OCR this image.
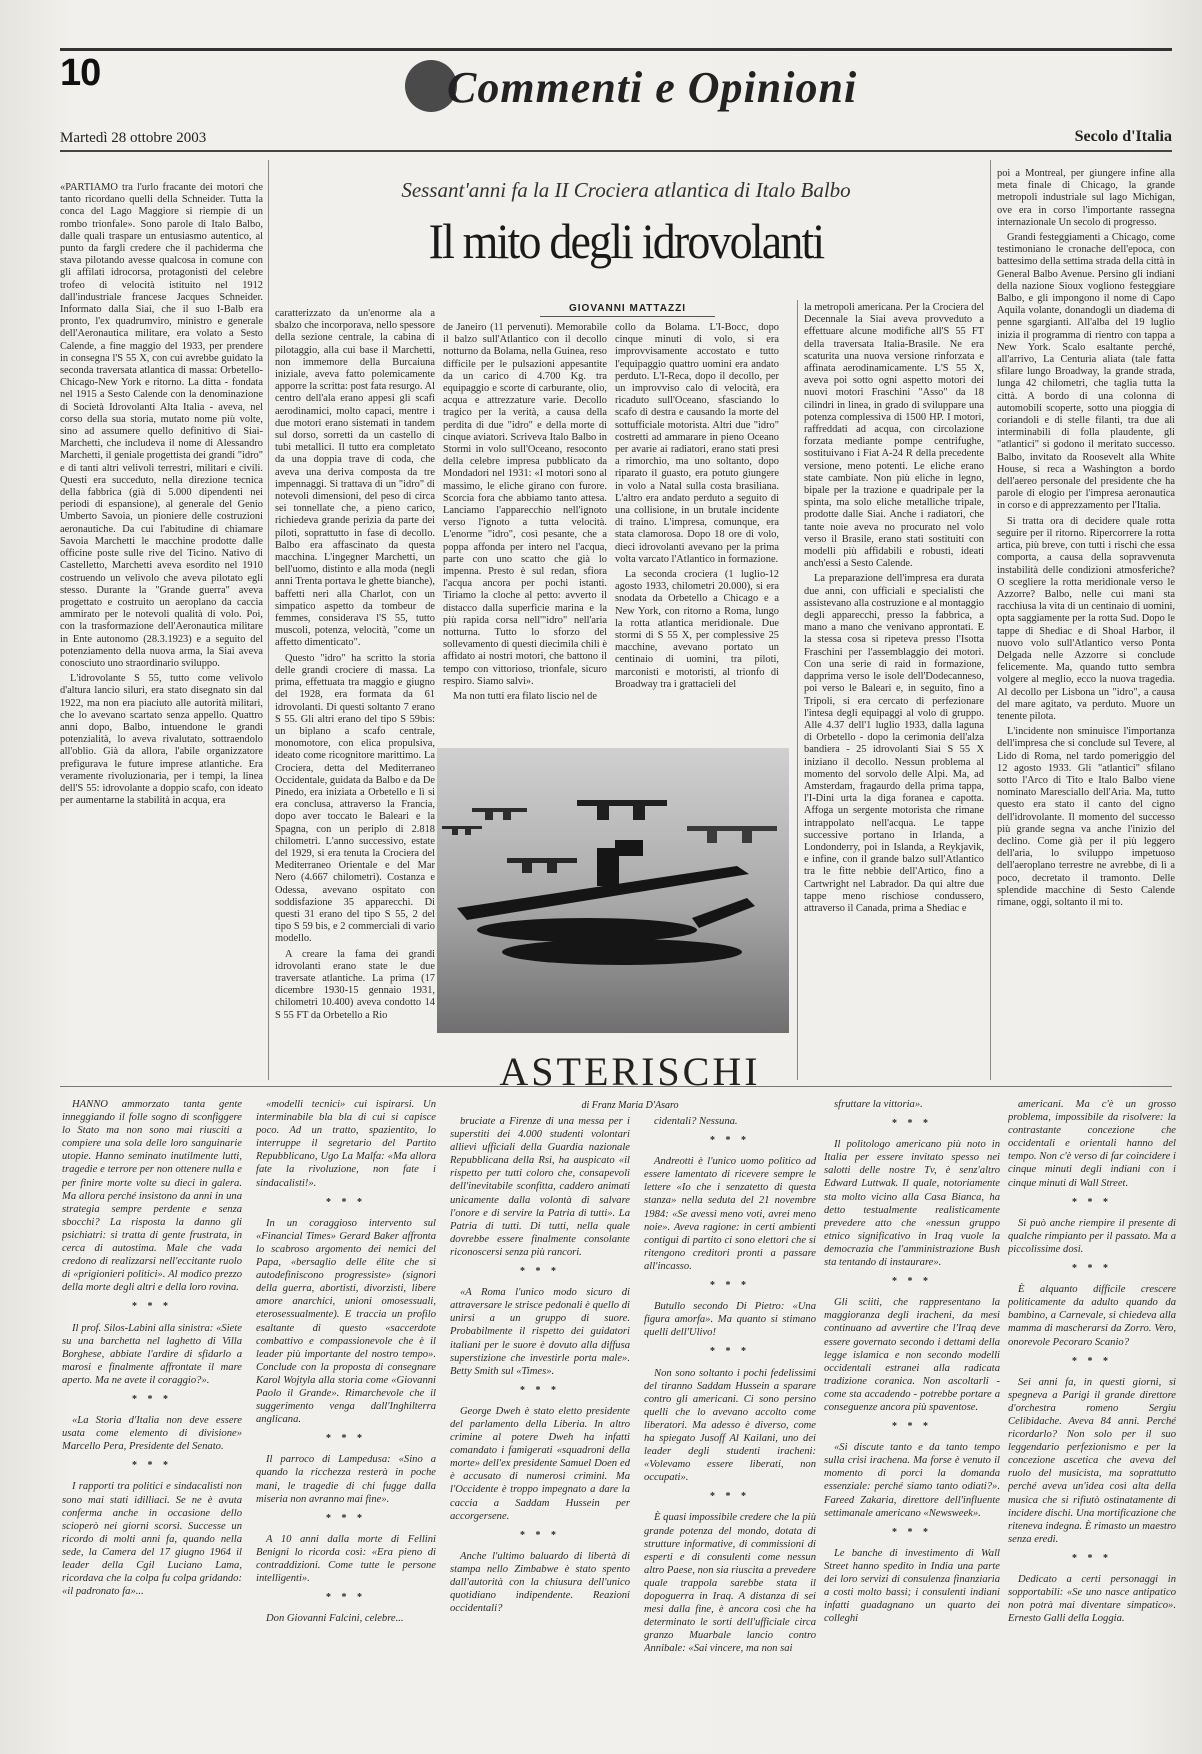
10	Commenti e Opinioni
Martedì 28 ottobre 2003	Secolo d'Italia

«PARTIAMO tra l'urlo fracante dei motori che tanto ricordano quelli della Schneider. Tutta la conca del Lago Maggiore si riempie di un rombo trionfale». Sono parole di Italo Balbo, dalle quali traspare un entusiasmo autentico, al punto da fargli credere che il pachiderma che stava pilotando avesse qualcosa in comune con gli affilati idrocorsa, protagonisti del celebre trofeo di velocità istituito nel 1912 dall'industriale francese Jacques Schneider. Informato dalla Siai, che il suo I-Balb era pronto, l'ex quadrumviro, ministro e generale dell'Aeronautica militare, era volato a Sesto Calende, a fine maggio del 1933, per prendere in consegna l'S 55 X, con cui avrebbe guidato la seconda traversata atlantica di massa: Orbetello-Chicago-New York e ritorno. La ditta - fondata nel 1915 a Sesto Calende con la denominazione di Società Idrovolanti Alta Italia - aveva, nel corso della sua storia, mutato nome più volte, sino ad assumere quello definitivo di Siai-Marchetti, che includeva il nome di Alessandro Marchetti, il geniale progettista dei grandi "idro" e di tanti altri velivoli terrestri, militari e civili. Questi era succeduto, nella direzione tecnica della fabbrica (già di 5.000 dipendenti nei periodi di espansione), al generale del Genio Umberto Savoia, un pioniere delle costruzioni aeronautiche. Da cui l'abitudine di chiamare Savoia Marchetti le macchine prodotte dalle officine poste sulle rive del Ticino. Nativo di Castelletto, Marchetti aveva esordito nel 1910 costruendo un velivolo che aveva pilotato egli stesso. Durante la "Grande guerra" aveva progettato e costruito un aeroplano da caccia ammirato per le notevoli qualità di volo. Poi, con la trasformazione dell'Aeronautica militare in Ente autonomo (28.3.1923) e a seguito del potenziamento della nuova arma, la Siai aveva conosciuto uno straordinario sviluppo.

L'idrovolante S 55, tutto come velivolo d'altura lancio siluri, era stato disegnato sin dal 1922, ma non era piaciuto alle autorità militari, che lo avevano scartato senza appello. Quattro anni dopo, Balbo, intuendone le grandi potenzialità, lo aveva rivalutato, sottraendolo all'oblio. Già da allora, l'abile organizzatore prefigurava le future imprese atlantiche. Era veramente rivoluzionaria, per i tempi, la linea dell'S 55: idrovolante a doppio scafo, con ideato per aumentarne la stabilità in acqua, era

Sessant'anni fa la II Crociera atlantica di Italo Balbo
Il mito degli idrovolanti
GIOVANNI MATTAZZI

caratterizzato da un'enorme ala a sbalzo che incorporava, nello spessore della sezione centrale, la cabina di pilotaggio, alla cui base il Marchetti, non immemore della Burcaiuna iniziale, aveva fatto polemicamente apporre la scritta: post fata resurgo. Al centro dell'ala erano appesi gli scafi aerodinamici, molto capaci, mentre i due motori erano sistemati in tandem sul dorso, sorretti da un castello di tubi metallici. Il tutto era completato da una doppia trave di coda, che aveva una deriva composta da tre impennaggi. Si trattava di un "idro" di notevoli dimensioni, del peso di circa sei tonnellate che, a pieno carico, richiedeva grande perizia da parte dei piloti, soprattutto in fase di decollo. Balbo era affascinato da questa macchina. L'ingegner Marchetti, un bell'uomo, distinto e alla moda (negli anni Trenta portava le ghette bianche), baffetti neri alla Charlot, con un simpatico aspetto da tombeur de femmes, considerava l'S 55, tutto muscoli, potenza, velocità, "come un affetto dimenticato".

Questo "idro" ha scritto la storia delle grandi crociere di massa. La prima, effettuata tra maggio e giugno del 1928, era formata da 61 idrovolanti. Di questi soltanto 7 erano S 55. Gli altri erano del tipo S 59bis: un biplano a scafo centrale, monomotore, con elica propulsiva, ideato come ricognitore marittimo. La Crociera, detta del Mediterraneo Occidentale, guidata da Balbo e da De Pinedo, era iniziata a Orbetello e lì si era conclusa, attraverso la Francia, dopo aver toccato le Baleari e la Spagna, con un periplo di 2.818 chilometri. L'anno successivo, estate del 1929, si era tenuta la Crociera del Mediterraneo Orientale e del Mar Nero (4.667 chilometri). Costanza e Odessa, avevano ospitato con soddisfazione 35 apparecchi. Di questi 31 erano del tipo S 55, 2 del tipo S 59 bis, e 2 commerciali di vario modello.

A creare la fama dei grandi idrovolanti erano state le due traversate atlantiche. La prima (17 dicembre 1930-15 gennaio 1931, chilometri 10.400) aveva condotto 14 S 55 FT da Orbetello a Rio

de Janeiro (11 pervenuti). Memorabile il balzo sull'Atlantico con il decollo notturno da Bolama, nella Guinea, reso difficile per le pulsazioni appesantite da un carico di 4.700 Kg. tra equipaggio e scorte di carburante, olio, acqua e attrezzature varie. Decollo tragico per la verità, a causa della perdita di due "idro" e della morte di cinque aviatori. Scriveva Italo Balbo in Stormi in volo sull'Oceano, resoconto della celebre impresa pubblicato da Mondadori nel 1931: «I motori sono al massimo, le eliche girano con furore. Scorcia fora che abbiamo tanto attesa. Lanciamo l'apparecchio nell'ignoto verso l'ignoto a tutta velocità. L'enorme "idro", così pesante, che a poppa affonda per intero nel l'acqua, parte con uno scatto che già lo impenna. Presto è sul redan, sfiora l'acqua ancora per pochi istanti. Tiriamo la cloche al petto: avverto il distacco dalla superficie marina e la più rapida corsa nell'"idro" nell'aria notturna. Tutto lo sforzo del sollevamento di questi diecimila chili è affidato ai nostri motori, che battono il tempo con vittorioso, trionfale, sicuro respiro. Siamo salvi».

Ma non tutti era filato liscio nel de

collo da Bolama. L'I-Bocc, dopo cinque minuti di volo, si era improvvisamente accostato e tutto l'equipaggio quattro uomini era andato perduto. L'I-Reca, dopo il decollo, per un improvviso calo di velocità, era ricaduto sull'Oceano, sfasciando lo scafo di destra e causando la morte del sottufficiale motorista. Altri due "idro" costretti ad ammarare in pieno Oceano per avarie ai radiatori, erano stati presi a rimorchio, ma uno soltanto, dopo riparato il guasto, era potuto giungere in volo a Natal sulla costa brasiliana. L'altro era andato perduto a seguito di una collisione, in un brutale incidente di traino. L'impresa, comunque, era stata clamorosa. Dopo 18 ore di volo, dieci idrovolanti avevano per la prima volta varcato l'Atlantico in formazione.

La seconda crociera (1 luglio-12 agosto 1933, chilometri 20.000), si era snodata da Orbetello a Chicago e a New York, con ritorno a Roma, lungo la rotta atlantica meridionale. Due stormi di S 55 X, per complessive 25 macchine, avevano portato un centinaio di uomini, tra piloti, marconisti e motoristi, al trionfo di Broadway tra i grattacieli del

la metropoli americana. Per la Crociera del Decennale la Siai aveva provveduto a effettuare alcune modifiche all'S 55 FT della traversata Italia-Brasile. Ne era scaturita una nuova versione rinforzata e affinata aerodinamicamente. L'S 55 X, aveva poi sotto ogni aspetto motori dei nuovi motori Fraschini "Asso" da 18 cilindri in linea, in grado di sviluppare una potenza complessiva di 1500 HP. I motori, raffreddati ad acqua, con circolazione forzata mediante pompe centrifughe, sostituivano i Fiat A-24 R della precedente versione, meno potenti. Le eliche erano state cambiate. Non più eliche in legno, bipale per la trazione e quadripale per la spinta, ma solo eliche metalliche tripale, prodotte dalle Siai. Anche i radiatori, che tante noie aveva no procurato nel volo verso il Brasile, erano stati sostituiti con modelli più affidabili e robusti, ideati anch'essi a Sesto Calende.

La preparazione dell'impresa era durata due anni, con ufficiali e specialisti che assistevano alla costruzione e al montaggio degli apparecchi, presso la fabbrica, a mano a mano che venivano approntati. E la stessa cosa si ripeteva presso l'Isotta Fraschini per l'assemblaggio dei motori. Con una serie di raid in formazione, dapprima verso le isole dell'Dodecanneso, poi verso le Baleari e, in seguito, fino a Tripoli, si era cercato di perfezionare l'intesa degli equipaggi al volo di gruppo. Alle 4.37 dell'1 luglio 1933, dalla laguna di Orbetello - dopo la cerimonia dell'alza bandiera - 25 idrovolanti Siai S 55 X iniziano il decollo. Nessun problema al momento del sorvolo delle Alpi. Ma, ad Amsterdam, fragaurdo della prima tappa, l'I-Dini urta la diga foranea e capotta. Affoga un sergente motorista che rimane intrappolato nell'acqua. Le tappe successive portano in Irlanda, a Londonderry, poi in Islanda, a Reykjavik, e infine, con il grande balzo sull'Atlantico tra le fitte nebbie dell'Artico, fino a Cartwright nel Labrador. Da qui altre due tappe meno rischiose condussero, attraverso il Canada, prima a Shediac e

poi a Montreal, per giungere infine alla meta finale di Chicago, la grande metropoli industriale sul lago Michigan, ove era in corso l'importante rassegna internazionale Un secolo di progresso.

Grandi festeggiamenti a Chicago, come testimoniano le cronache dell'epoca, con battesimo della settima strada della città in General Balbo Avenue. Persino gli indiani della nazione Sioux vogliono festeggiare Balbo, e gli impongono il nome di Capo Aquila volante, donandogli un diadema di penne sgargianti. All'alba del 19 luglio inizia il programma di rientro con tappa a New York. Scalo esaltante perché, all'arrivo, La Centuria aliata (tale fatta sfilare lungo Broadway, la grande strada, lunga 42 chilometri, che taglia tutta la città. A bordo di una colonna di automobili scoperte, sotto una pioggia di coriandoli e di stelle filanti, tra due ali interminabili di folla plaudente, gli "atlantici" si godono il meritato successo. Balbo, invitato da Roosevelt alla White House, si reca a Washington a bordo dell'aereo personale del presidente che ha parole di elogio per l'impresa aeronautica in corso e di apprezzamento per l'Italia.

Si tratta ora di decidere quale rotta seguire per il ritorno. Ripercorrere la rotta artica, più breve, con tutti i rischi che essa comporta, a causa della sopravvenuta instabilità delle condizioni atmosferiche? O scegliere la rotta meridionale verso le Azzorre? Balbo, nelle cui mani sta racchiusa la vita di un centinaio di uomini, opta saggiamente per la rotta Sud. Dopo le tappe di Shediac e di Shoal Harbor, il nuovo volo sull'Atlantico verso Ponta Delgada nelle Azzorre si conclude felicemente. Ma, quando tutto sembra volgere al meglio, ecco la nuova tragedia. Al decollo per Lisbona un "idro", a causa del mare agitato, va perduto. Muore un tenente pilota.

L'incidente non sminuisce l'importanza dell'impresa che si conclude sul Tevere, al Lido di Roma, nel tardo pomeriggio del 12 agosto 1933. Gli "atlantici" sfilano sotto l'Arco di Tito e Italo Balbo viene nominato Maresciallo dell'Aria. Ma, tutto questo era stato il canto del cigno dell'idrovolante. Il momento del successo più grande segna va anche l'inizio del declino. Come già per il più leggero dell'aria, lo sviluppo impetuoso dell'aeroplano terrestre ne avrebbe, di lì a poco, decretato il tramonto. Delle splendide macchine di Sesto Calende rimane, oggi, soltanto il mi to.

ASTERISCHI
di Franz Maria D'Asaro

HANNO ammorzato tanta gente inneggiando il folle sogno di sconfiggere lo Stato ma non sono mai riusciti a compiere una sola delle loro sanguinarie utopie. Hanno seminato inutilmente lutti, tragedie e terrore per non ottenere nulla e per finire morte volte su dieci in galera. Ma allora perché insistono da anni in una strategia sempre perdente e senza sbocchi? La risposta la danno gli psichiatri: si tratta di gente frustrata, in cerca di autostima. Male che vada credono di realizzarsi nell'eccitante ruolo di «prigionieri politici». Al modico prezzo della morte degli altri e della loro rovina.

* * *

Il prof. Silos-Labini alla sinistra: «Siete su una barchetta nel laghetto di Villa Borghese, abbiate l'ardire di sfidarlo a marosi e finalmente affrontate il mare aperto. Ma ne avete il coraggio?».

* * *

«La Storia d'Italia non deve essere usata come elemento di divisione» Marcello Pera, Presidente del Senato.

* * *

I rapporti tra politici e sindacalisti non sono mai stati idilliaci. Se ne è avuta conferma anche in occasione dello scioperò nei giorni scorsi. Successe un ricordo di molti anni fa, quando nella sede, la Camera del 17 giugno 1964 il leader della Cgil Luciano Lama, ricordava che la colpa fu colpa gridando: «il padronato fa»...

«modelli tecnici» cui ispirarsi. Un interminabile bla bla di cui si capisce poco. Ad un tratto, spazientito, lo interruppe il segretario del Partito Repubblicano, Ugo La Malfa: «Ma allora fate la rivoluzione, non fate i sindacalisti!».

* * *

In un coraggioso intervento sul «Financial Times» Gerard Baker affronta lo scabroso argomento dei nemici del Papa, «bersaglio delle élite che si autodefiniscono progressiste» (signori della guerra, abortisti, divorzisti, libere amore anarchici, unioni omosessuali, eterosessualmente). E traccia un profilo esaltante di questo «saccerdote combattivo e compassionevole che è il leader più importante del nostro tempo». Conclude con la proposta di consegnare Karol Wojtyla alla storia come «Giovanni Paolo il Grande». Rimarchevole che il suggerimento venga dall'Inghilterra anglicana.

* * *

Il parroco di Lampedusa: «Sino a quando la ricchezza resterà in poche mani, le tragedie di chi fugge dalla miseria non avranno mai fine».

* * *

A 10 anni dalla morte di Fellini Benigni lo ricorda così: «Era pieno di contraddizioni. Come tutte le persone intelligenti».

* * *

Don Giovanni Falcini, celebre...

bruciate a Firenze di una messa per i superstiti dei 4.000 studenti volontari allievi ufficiali della Guardia nazionale Repubblicana della Rsi, ha auspicato «il rispetto per tutti coloro che, consapevoli dell'inevitabile sconfitta, caddero animati unicamente dalla volontà di salvare l'onore e di servire la Patria di tutti». La Patria di tutti. Di tutti, nella quale dovrebbe essere finalmente consolante riconoscersi senza più rancori.

* * *

«A Roma l'unico modo sicuro di attraversare le strisce pedonali è quello di unirsi a un gruppo di suore. Probabilmente il rispetto dei guidatori italiani per le suore è dovuto alla diffusa superstizione che investirle porta male». Betty Smith sul «Times».

* * *

George Dweh è stato eletto presidente del parlamento della Liberia. In altro crimine al potere Dweh ha infatti comandato i famigerati «squadroni della morte» dell'ex presidente Samuel Doen ed è accusato di numerosi crimini. Ma l'Occidente è troppo impegnato a dare la caccia a Saddam Hussein per accorgersene.

* * *

Anche l'ultimo baluardo di libertà di stampa nello Zimbabwe è stato spento dall'autorità con la chiusura dell'unico quotidiano indipendente. Reazioni occidentali?

cidentali? Nessuna.

* * *

Andreotti è l'unico uomo politico ad essere lamentato di ricevere sempre le lettere «Io che i senzatetto di questa stanza» nella seduta del 21 novembre 1984: «Se avessi meno voti, avrei meno noie». Aveva ragione: in certi ambienti contigui di partito ci sono elettori che si ritengono creditori pronti a passare all'incasso.

* * *

Butullo secondo Di Pietro: «Una figura amorfa». Ma quanto si stimano quelli dell'Ulivo!

* * *

Non sono soltanto i pochi fedelissimi del tiranno Saddam Hussein a sparare contro gli americani. Ci sono persino quelli che lo avevano accolto come liberatori. Ma adesso è diverso, come ha spiegato Jusoff Al Kailani, uno dei leader degli studenti iracheni: «Volevamo essere liberati, non occupati».

* * *

È quasi impossibile credere che la più grande potenza del mondo, dotata di strutture informative, di commissioni di esperti e di consulenti come nessun altro Paese, non sia riuscita a prevedere quale trappola sarebbe stata il dopoguerra in Iraq. A distanza di sei mesi dalla fine, è ancora così che ha determinato le sorti dell'ufficiale circa granzo Muarbale lancio contro Annibale: «Sai vincere, ma non sai

sfruttare la vittoria».

* * *

Il politologo americano più noto in Italia per essere invitato spesso nei salotti delle nostre Tv, è senz'altro Edward Luttwak. Il quale, notoriamente sta molto vicino alla Casa Bianca, ha detto testualmente realisticamente prevedere atto che «nessun gruppo etnico significativo in Iraq vuole la democrazia che l'amministrazione Bush sta tentando di instaurare».

* * *

Gli sciiti, che rappresentano la maggioranza degli iracheni, da mesi continuano ad avvertire che l'Iraq deve essere governato secondo i dettami della legge islamica e non secondo modelli occidentali estranei alla radicata tradizione coranica. Non ascoltarli - come sta accadendo - potrebbe portare a conseguenze ancora più spaventose.

* * *

«Si discute tanto e da tanto tempo sulla crisi irachena. Ma forse è venuto il momento di porci la domanda essenziale: perché siamo tanto odiati?». Fareed Zakaria, direttore dell'influente settimanale americano «Newsweek».

* * *

Le banche di investimento di Wall Street hanno spedito in India una parte dei loro servizi di consulenza finanziaria a costi molto bassi; i consulenti indiani infatti guadagnano un quarto dei colleghi

americani. Ma c'è un grosso problema, impossibile da risolvere: la contrastante concezione che occidentali e orientali hanno del tempo. Non c'è verso di far coincidere i cinque minuti degli indiani con i cinque minuti di Wall Street.

* * *

Si può anche riempire il presente di qualche rimpianto per il passato. Ma a piccolissime dosi.

* * *

È alquanto difficile crescere politicamente da adulto quando da bambino, a Carnevale, si chiedeva alla mamma di mascherarsi da Zorro. Vero, onorevole Pecoraro Scanio?

* * *

Sei anni fa, in questi giorni, si spegneva a Parigi il grande direttore d'orchestra romeno Sergiu Celibidache. Aveva 84 anni. Perché ricordarlo? Non solo per il suo leggendario perfezionismo e per la concezione ascetica che aveva del ruolo del musicista, ma soprattutto perché aveva un'idea così alta della musica che si rifiutò ostinatamente di incidere dischi. Una mortificazione che riteneva indegna. È rimasto un maestro senza eredi.

* * *

Dedicato a certi personaggi in sopportabili: «Se uno nasce antipatico non potrà mai diventare simpatico». Ernesto Galli della Loggia.
